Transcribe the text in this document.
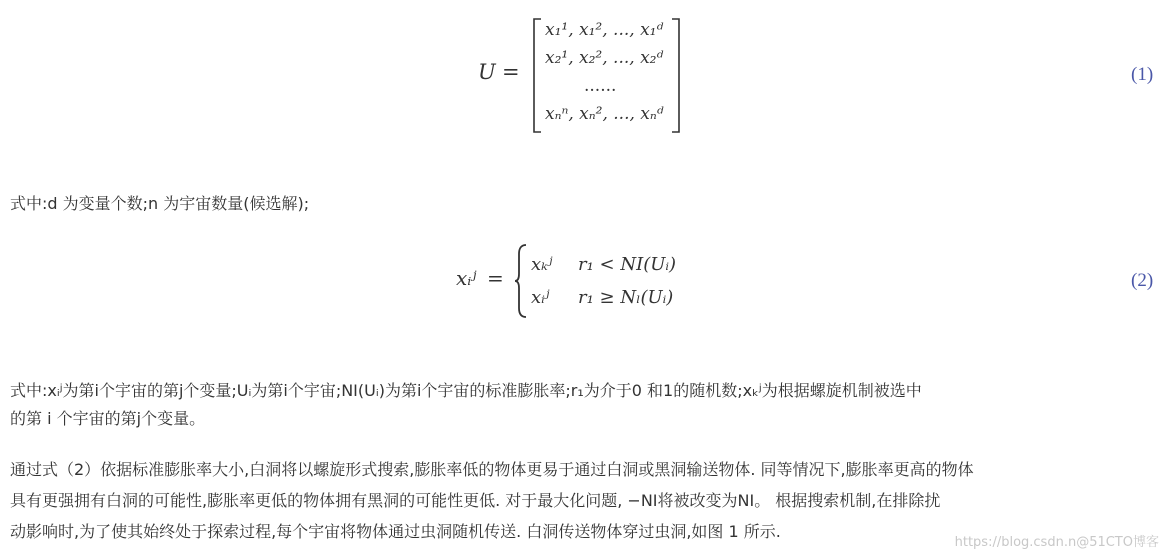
U =
x₁¹, x₁², ..., x₁ᵈ
x₂¹, x₂², ..., x₂ᵈ
......
xₙⁿ, xₙ², ..., xₙᵈ
(1)
式中:d 为变量个数;n 为宇宙数量(候选解);
xᵢʲ =
xₖʲ r₁ < NI(Uᵢ)
xᵢʲ r₁ ≥ Nₗ(Uᵢ)
(2)
式中:xᵢʲ为第i个宇宙的第j个变量;Uᵢ为第i个宇宙;NI(Uᵢ)为第i个宇宙的标准膨胀率;r₁为介于0 和1的随机数;xₖʲ为根据螺旋机制被选中
的第 i 个宇宙的第j个变量。
通过式（2）依据标准膨胀率大小,白洞将以螺旋形式搜索,膨胀率低的物体更易于通过白洞或黑洞输送物体. 同等情况下,膨胀率更高的物体
具有更强拥有白洞的可能性,膨胀率更低的物体拥有黑洞的可能性更低. 对于最大化问题, −NI将被改变为NI。 根据搜索机制,在排除扰
动影响时,为了使其始终处于探索过程,每个宇宙将物体通过虫洞随机传送. 白洞传送物体穿过虫洞,如图 1 所示.
https://blog.csdn.n@51CTO博客
